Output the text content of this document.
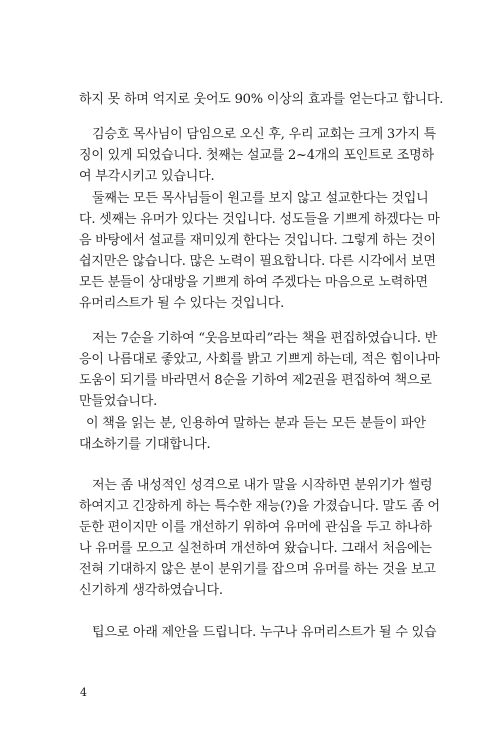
하지 못 하며 억지로 웃어도 90% 이상의 효과를 얻는다고 합니다.
김승호 목사님이 담임으로 오신 후, 우리 교회는 크게 3가지 특
징이 있게 되었습니다. 첫째는 설교를 2~4개의 포인트로 조명하
여 부각시키고 있습니다.
둘째는 모든 목사님들이 원고를 보지 않고 설교한다는 것입니
다. 셋째는 유머가 있다는 것입니다. 성도들을 기쁘게 하겠다는 마
음 바탕에서 설교를 재미있게 한다는 것입니다. 그렇게 하는 것이
쉽지만은 않습니다. 많은 노력이 필요합니다. 다른 시각에서 보면
모든 분들이 상대방을 기쁘게 하여 주겠다는 마음으로 노력하면
유머리스트가 될 수 있다는 것입니다.
저는 7순을 기하여 “웃음보따리”라는 책을 편집하였습니다. 반
응이 나름대로 좋았고, 사회를 밝고 기쁘게 하는데, 적은 힘이나마
도움이 되기를 바라면서 8순을 기하여 제2권을 편집하여 책으로
만들었습니다.
이 책을 읽는 분, 인용하여 말하는 분과 듣는 모든 분들이 파안
대소하기를 기대합니다.
저는 좀 내성적인 성격으로 내가 말을 시작하면 분위기가 썰렁
하여지고 긴장하게 하는 특수한 재능(?)을 가졌습니다. 말도 좀 어
둔한 편이지만 이를 개선하기 위하여 유머에 관심을 두고 하나하
나 유머를 모으고 실천하며 개선하여 왔습니다. 그래서 처음에는
전혀 기대하지 않은 분이 분위기를 잡으며 유머를 하는 것을 보고
신기하게 생각하였습니다.
팁으로 아래 제안을 드립니다. 누구나 유머리스트가 될 수 있습
4
